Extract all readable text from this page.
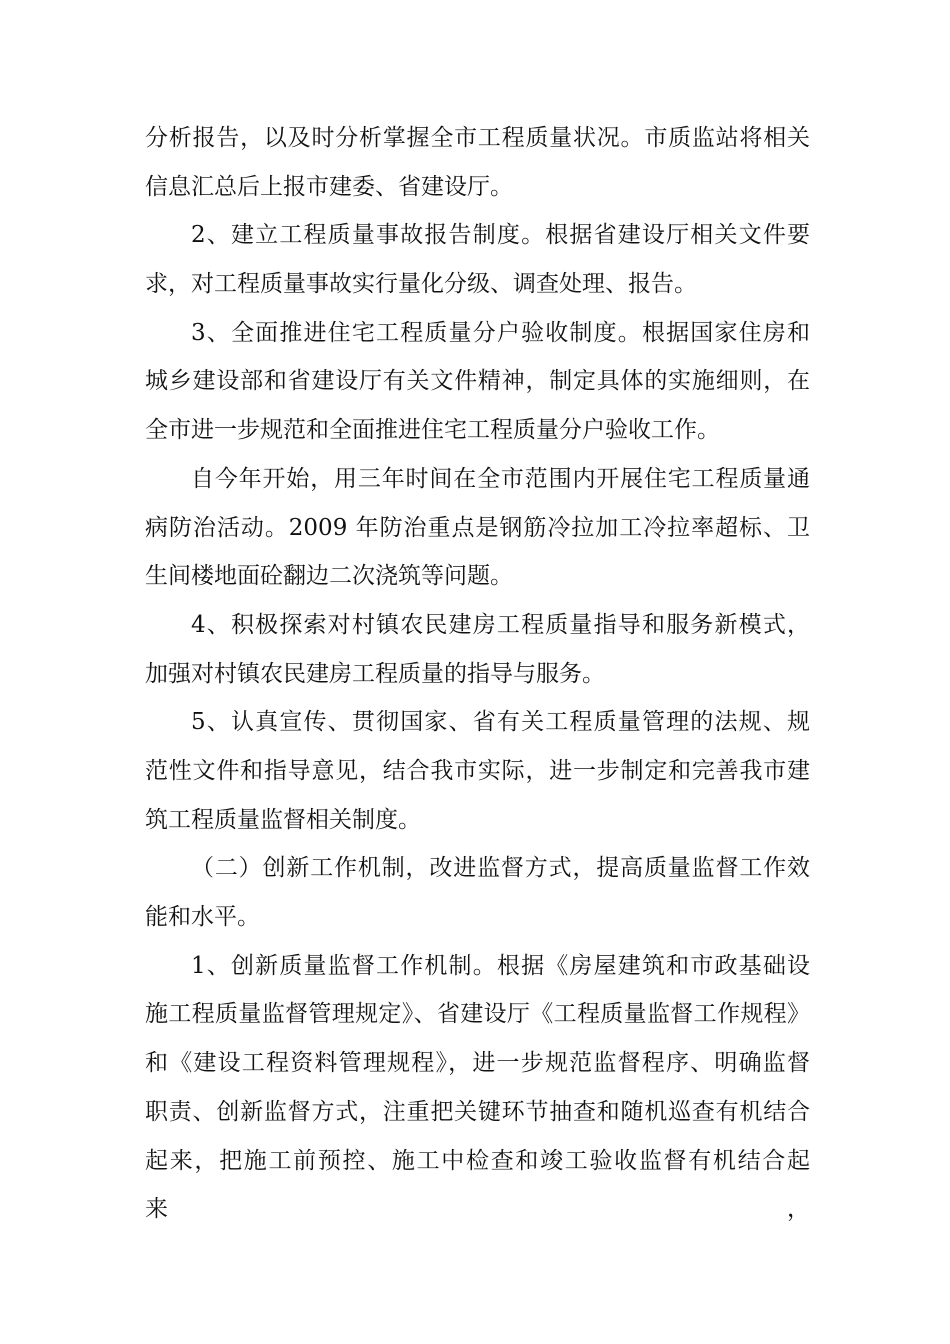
分析报告，以及时分析掌握全市工程质量状况。市质监站将相关
信息汇总后上报市建委、省建设厅。
2、建立工程质量事故报告制度。根据省建设厅相关文件要
求，对工程质量事故实行量化分级、调查处理、报告。
3、全面推进住宅工程质量分户验收制度。根据国家住房和
城乡建设部和省建设厅有关文件精神，制定具体的实施细则，在
全市进一步规范和全面推进住宅工程质量分户验收工作。
自今年开始，用三年时间在全市范围内开展住宅工程质量通
病防治活动。2009 年防治重点是钢筋冷拉加工冷拉率超标、卫
生间楼地面砼翻边二次浇筑等问题。
4、积极探索对村镇农民建房工程质量指导和服务新模式，
加强对村镇农民建房工程质量的指导与服务。
5、认真宣传、贯彻国家、省有关工程质量管理的法规、规
范性文件和指导意见，结合我市实际，进一步制定和完善我市建
筑工程质量监督相关制度。
（二）创新工作机制，改进监督方式，提高质量监督工作效
能和水平。
1、创新质量监督工作机制。根据《房屋建筑和市政基础设
施工程质量监督管理规定》、省建设厅《工程质量监督工作规程》
和《建设工程资料管理规程》，进一步规范监督程序、明确监督
职责、创新监督方式，注重把关键环节抽查和随机巡查有机结合
起来，把施工前预控、施工中检查和竣工验收监督有机结合起来，
